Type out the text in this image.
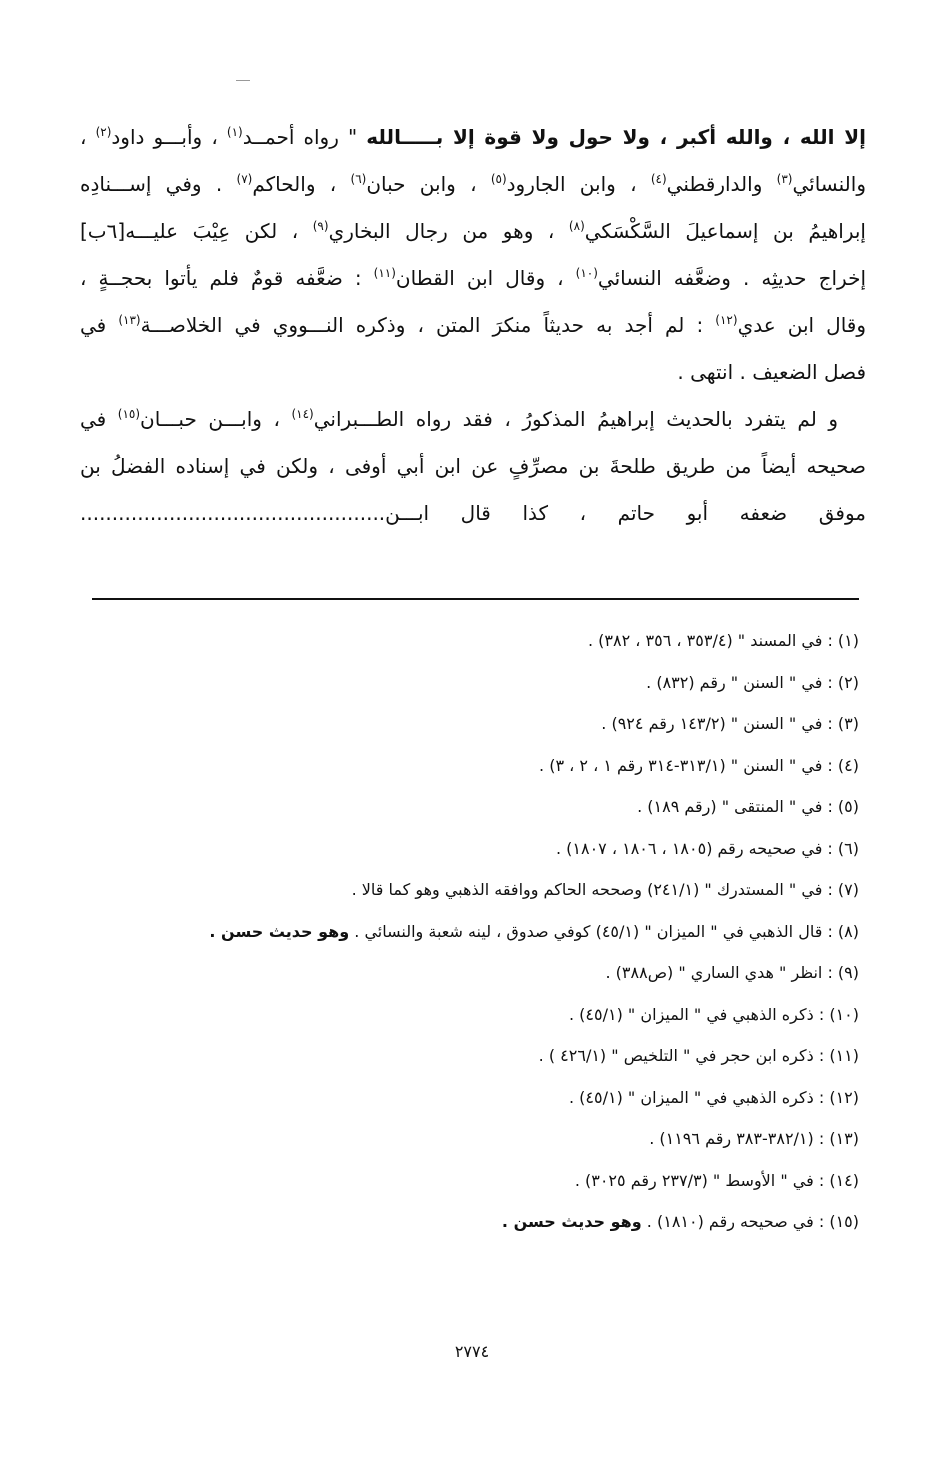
إلا الله ، والله أكبر ، ولا حول ولا قوة إلا بـــــالله " رواه أحمــد$^{(١)}$ ، وأبـــو داود$^{(٢)}$ ،
والنسائي$^{(٣)}$ والدارقطني$^{(٤)}$ ، وابن الجارود$^{(٥)}$ ، وابن حبان$^{(٦)}$ ، والحاكم$^{(٧)}$ . وفي إســـنادِه
إبراهيمُ بن إسماعيلَ السَّكْسَكي$^{(٨)}$ ، وهو من رجال البخاري$^{(٩)}$ ، لكن عِيْبَ عليـــه[٦ب]
إخراج حديثِه . وضعَّفه النسائي$^{(١٠)}$ ، وقال ابن القطان$^{(١١)}$ : ضعَّفه قومٌ فلم يأتوا بحجــةٍ ،
وقال ابن عدي$^{(١٢)}$ : لم أجد به حديثاً منكرَ المتن ، وذكره النـــووي في الخلاصـــة$^{(١٣)}$ في
فصل الضعيف . انتهى .
و لم يتفرد بالحديث إبراهيمُ المذكورُ ، فقد رواه الطـــبراني$^{(١٤)}$ ، وابـــن حبـــان$^{(١٥)}$ في
صحيحه أيضاً من طريق طلحةَ بن مصرِّفٍ عن ابن أبي أوفى ، ولكن في إسناده الفضلُ بن
موفق ضعفه أبو حاتم ، كذا قال ابـــن................................................
(١) : في المسند " (٣٥٣/٤ ، ٣٥٦ ، ٣٨٢) .
(٢) : في " السنن " رقم (٨٣٢) .
(٣) : في " السنن " (١٤٣/٢ رقم ٩٢٤) .
(٤) : في " السنن " (٣١٣/١-٣١٤ رقم ١ ، ٢ ، ٣) .
(٥) : في " المنتقى " (رقم ١٨٩) .
(٦) : في صحيحه رقم (١٨٠٥ ، ١٨٠٦ ، ١٨٠٧) .
(٧) : في " المستدرك " (٢٤١/١) وصححه الحاكم ووافقه الذهبي وهو كما قالا .
(٨) : قال الذهبي في " الميزان " (٤٥/١) كوفي صدوق ، لينه شعبة والنسائي . وهو حديث حسن .
(٩) : انظر " هدي الساري " (ص٣٨٨) .
(١٠) : ذكره الذهبي في " الميزان " (٤٥/١) .
(١١) : ذكره ابن حجر في " التلخيص " (٤٢٦/١ ) .
(١٢) : ذكره الذهبي في " الميزان " (٤٥/١) .
(١٣) : (٣٨٢/١-٣٨٣ رقم ١١٩٦) .
(١٤) : في " الأوسط " (٢٣٧/٣ رقم ٣٠٢٥) .
(١٥) : في صحيحه رقم (١٨١٠) . وهو حديث حسن .
٢٧٧٤
